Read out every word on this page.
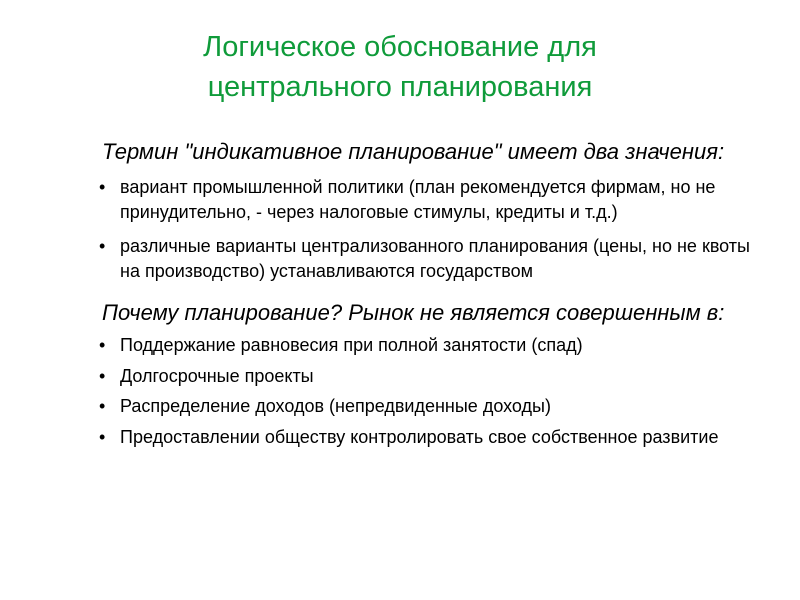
Логическое обоснование для
центрального планирования
Термин "индикативное планирование" имеет два значения:
• вариант промышленной политики (план рекомендуется фирмам, но не принудительно, - через налоговые стимулы, кредиты и т.д.)
• различные варианты централизованного планирования (цены, но не квоты на производство) устанавливаются государством
Почему планирование? Рынок не является совершенным в:
• Поддержание равновесия при полной занятости (спад)
• Долгосрочные проекты
• Распределение доходов (непредвиденные доходы)
• Предоставлении обществу контролировать свое собственное развитие
